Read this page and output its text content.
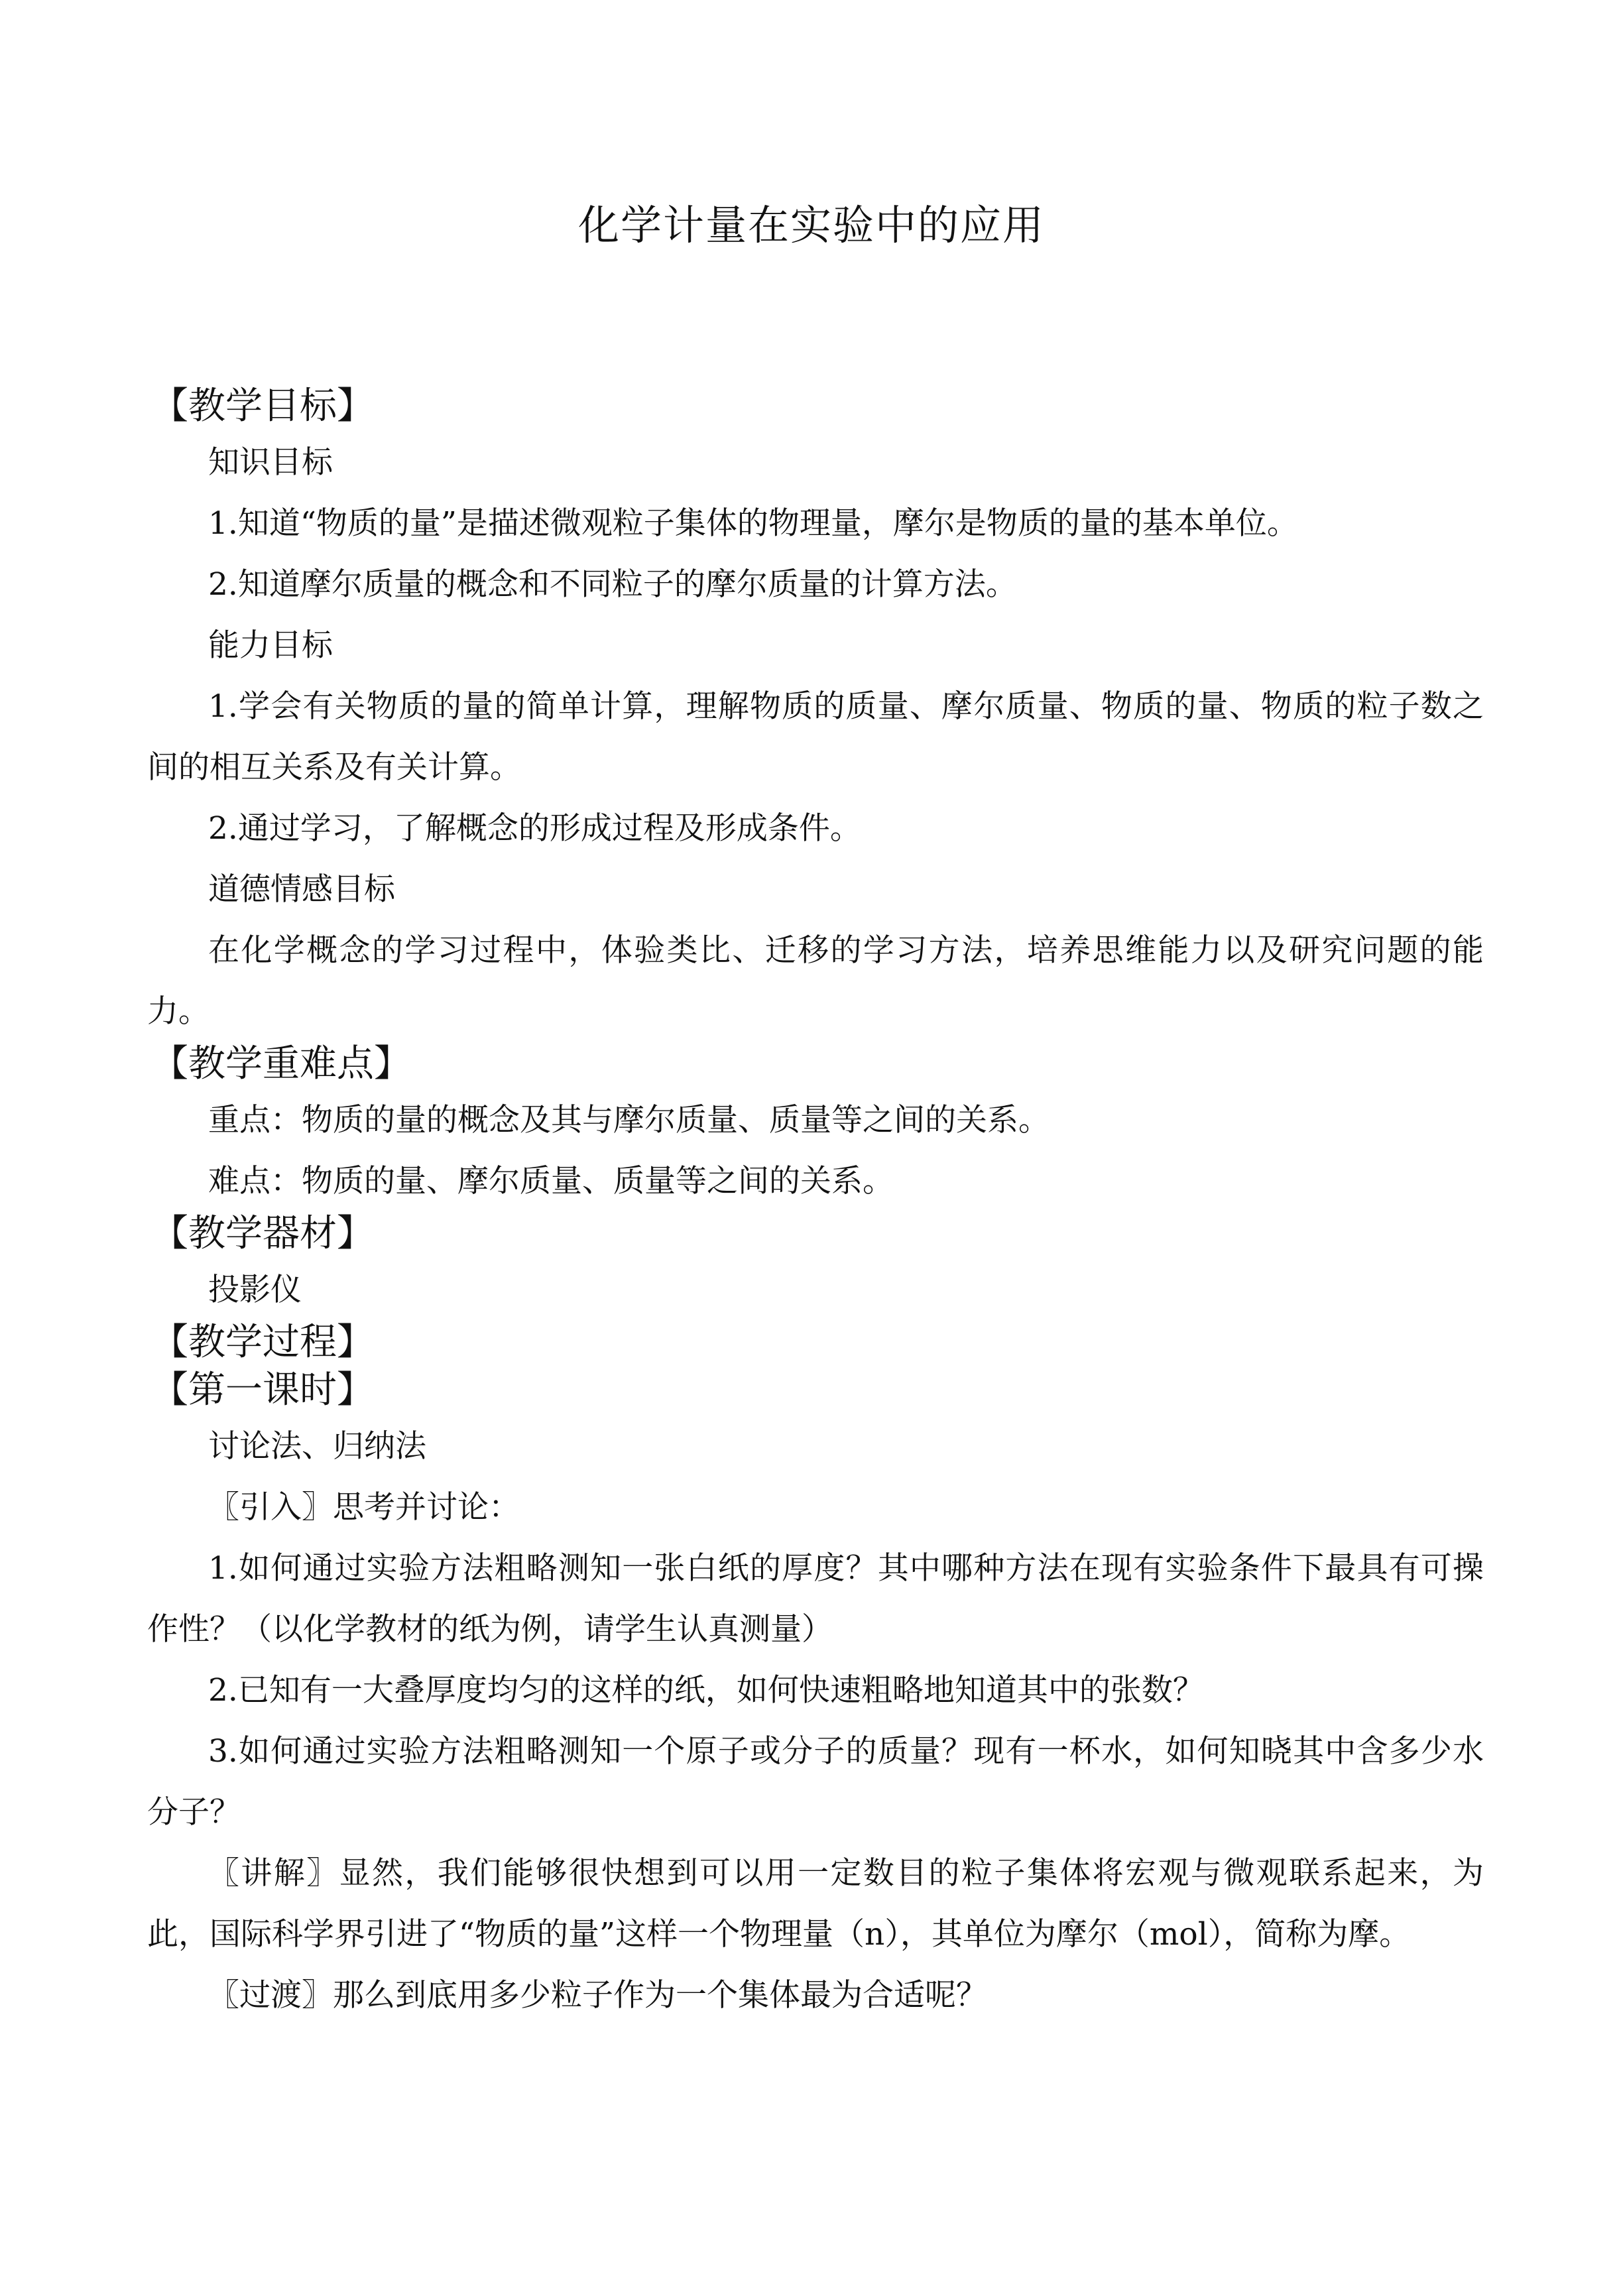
化学计量在实验中的应用
【教学目标】

知识目标

1.知道“物质的量”是描述微观粒子集体的物理量，摩尔是物质的量的基本单位。

2.知道摩尔质量的概念和不同粒子的摩尔质量的计算方法。

能力目标

1.学会有关物质的量的简单计算，理解物质的质量、摩尔质量、物质的量、物质的粒子数之间的相互关系及有关计算。

2.通过学习，了解概念的形成过程及形成条件。

道德情感目标

在化学概念的学习过程中，体验类比、迁移的学习方法，培养思维能力以及研究问题的能力。

【教学重难点】

重点：物质的量的概念及其与摩尔质量、质量等之间的关系。

难点：物质的量、摩尔质量、质量等之间的关系。

【教学器材】

投影仪

【教学过程】
【第一课时】

讨论法、归纳法

〖引入〗思考并讨论：

1.如何通过实验方法粗略测知一张白纸的厚度？其中哪种方法在现有实验条件下最具有可操作性？（以化学教材的纸为例，请学生认真测量）

2.已知有一大叠厚度均匀的这样的纸，如何快速粗略地知道其中的张数？

3.如何通过实验方法粗略测知一个原子或分子的质量？现有一杯水，如何知晓其中含多少水分子？

〖讲解〗显然，我们能够很快想到可以用一定数目的粒子集体将宏观与微观联系起来，为此，国际科学界引进了“物质的量”这样一个物理量（n），其单位为摩尔（mol），简称为摩。

〖过渡〗那么到底用多少粒子作为一个集体最为合适呢？
